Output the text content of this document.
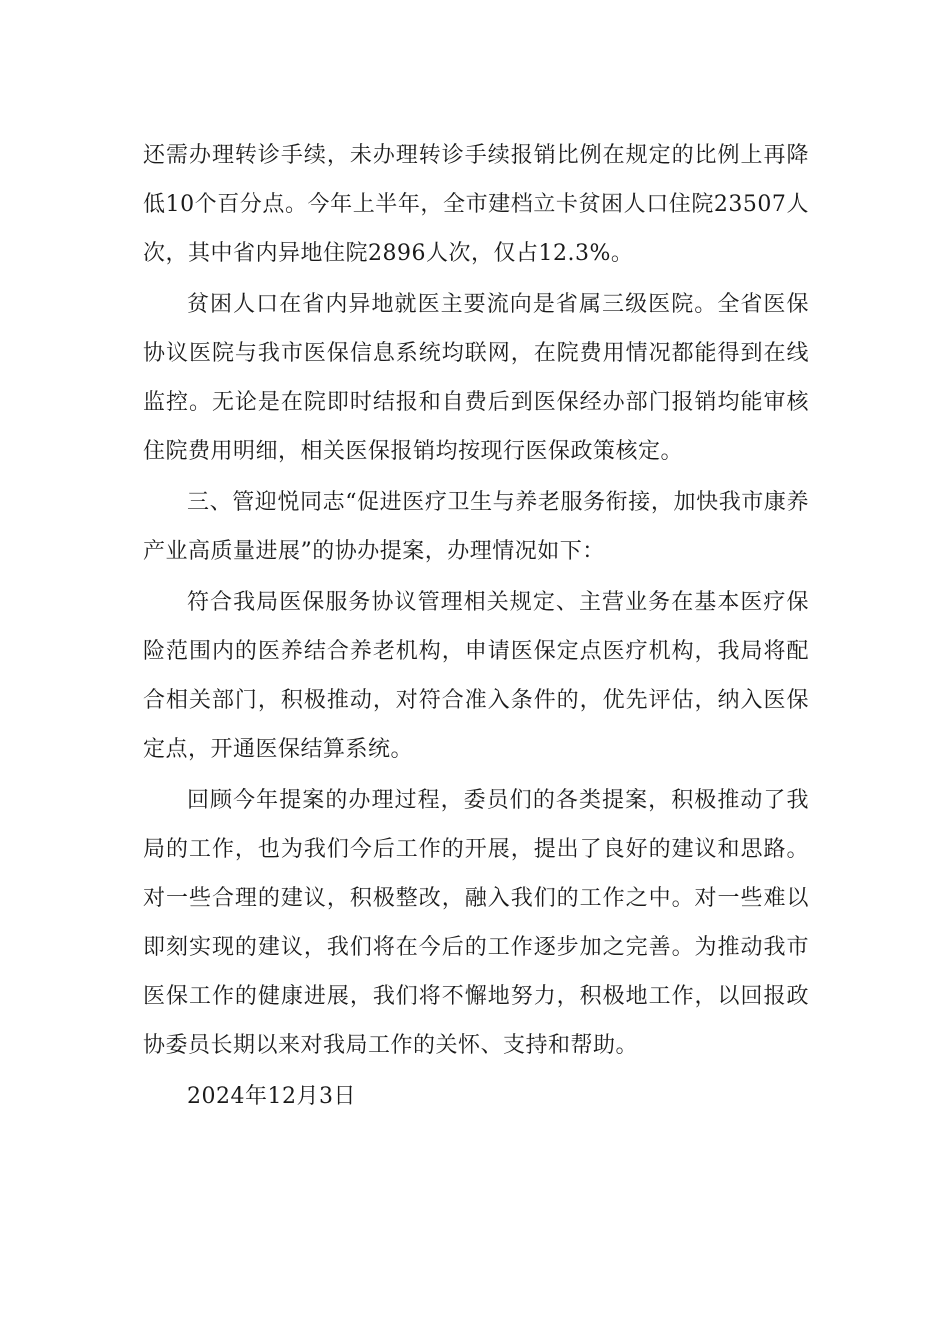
还需办理转诊手续，未办理转诊手续报销比例在规定的比例上再降低10个百分点。今年上半年，全市建档立卡贫困人口住院23507人次，其中省内异地住院2896人次，仅占12.3%。

贫困人口在省内异地就医主要流向是省属三级医院。全省医保协议医院与我市医保信息系统均联网，在院费用情况都能得到在线监控。无论是在院即时结报和自费后到医保经办部门报销均能审核住院费用明细，相关医保报销均按现行医保政策核定。

三、管迎悦同志“促进医疗卫生与养老服务衔接，加快我市康养产业高质量进展”的协办提案，办理情况如下：

符合我局医保服务协议管理相关规定、主营业务在基本医疗保险范围内的医养结合养老机构，申请医保定点医疗机构，我局将配合相关部门，积极推动，对符合准入条件的，优先评估，纳入医保定点，开通医保结算系统。

回顾今年提案的办理过程，委员们的各类提案，积极推动了我局的工作，也为我们今后工作的开展，提出了良好的建议和思路。对一些合理的建议，积极整改，融入我们的工作之中。对一些难以即刻实现的建议，我们将在今后的工作逐步加之完善。为推动我市医保工作的健康进展，我们将不懈地努力，积极地工作，以回报政协委员长期以来对我局工作的关怀、支持和帮助。

2024年12月3日
